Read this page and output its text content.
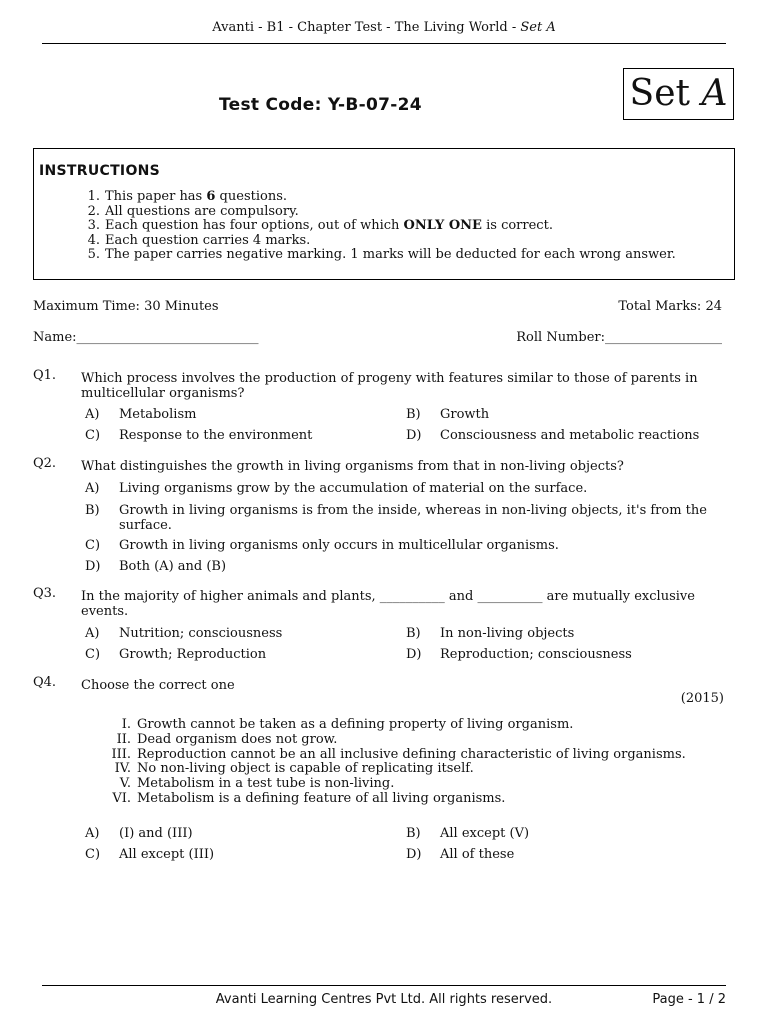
Avanti - B1 - Chapter Test - The Living World - Set A
Set A
Test Code: Y-B-07-24
INSTRUCTIONS
1. This paper has 6 questions.
2. All questions are compulsory.
3. Each question has four options, out of which ONLY ONE is correct.
4. Each question carries 4 marks.
5. The paper carries negative marking. 1 marks will be deducted for each wrong answer.
Maximum Time: 30 Minutes	Total Marks: 24
Name:____________________________	Roll Number:__________________
Q1. Which process involves the production of progeny with features similar to those of parents in multicellular organisms?
A) Metabolism	B) Growth
C) Response to the environment	D) Consciousness and metabolic reactions
Q2. What distinguishes the growth in living organisms from that in non-living objects?
A) Living organisms grow by the accumulation of material on the surface.
B) Growth in living organisms is from the inside, whereas in non-living objects, it's from the surface.
C) Growth in living organisms only occurs in multicellular organisms.
D) Both (A) and (B)
Q3. In the majority of higher animals and plants, __________ and __________ are mutually exclusive events.
A) Nutrition; consciousness	B) In non-living objects
C) Growth; Reproduction	D) Reproduction; consciousness
Q4. Choose the correct one
(2015)
I. Growth cannot be taken as a defining property of living organism.
II. Dead organism does not grow.
III. Reproduction cannot be an all inclusive defining characteristic of living organisms.
IV. No non-living object is capable of replicating itself.
V. Metabolism in a test tube is non-living.
VI. Metabolism is a defining feature of all living organisms.
A) (I) and (III)	B) All except (V)
C) All except (III)	D) All of these
Avanti Learning Centres Pvt Ltd. All rights reserved.	Page - 1 / 2
